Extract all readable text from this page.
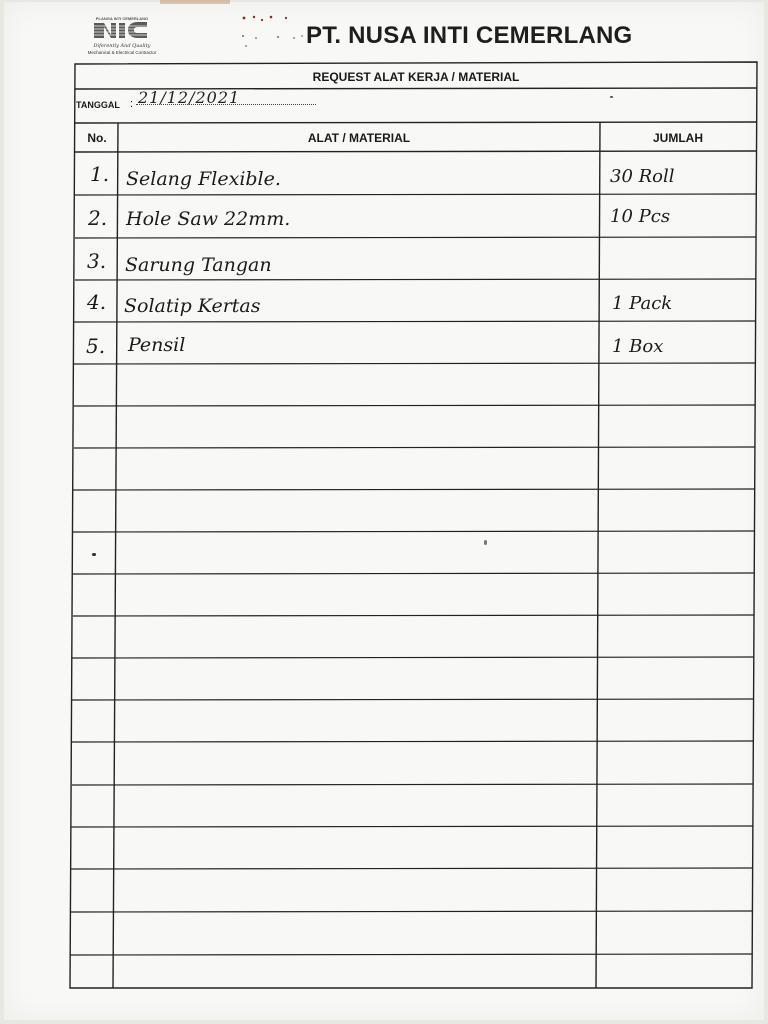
PLANGA INTI CEMERLANG
Diferently And Quality
Mechanical & Electrical Contractor
PT. NUSA INTI CEMERLANG
REQUEST ALAT KERJA / MATERIAL
TANGGAL : 21/12/2021
No.	ALAT / MATERIAL	JUMLAH
1. Selang Flexible.	30 Roll
2. Hole Saw 22mm.	10 Pcs
3. Sarung Tangan
4. Solatip Kertas	1 Pack
5. Pensil	1 Box
